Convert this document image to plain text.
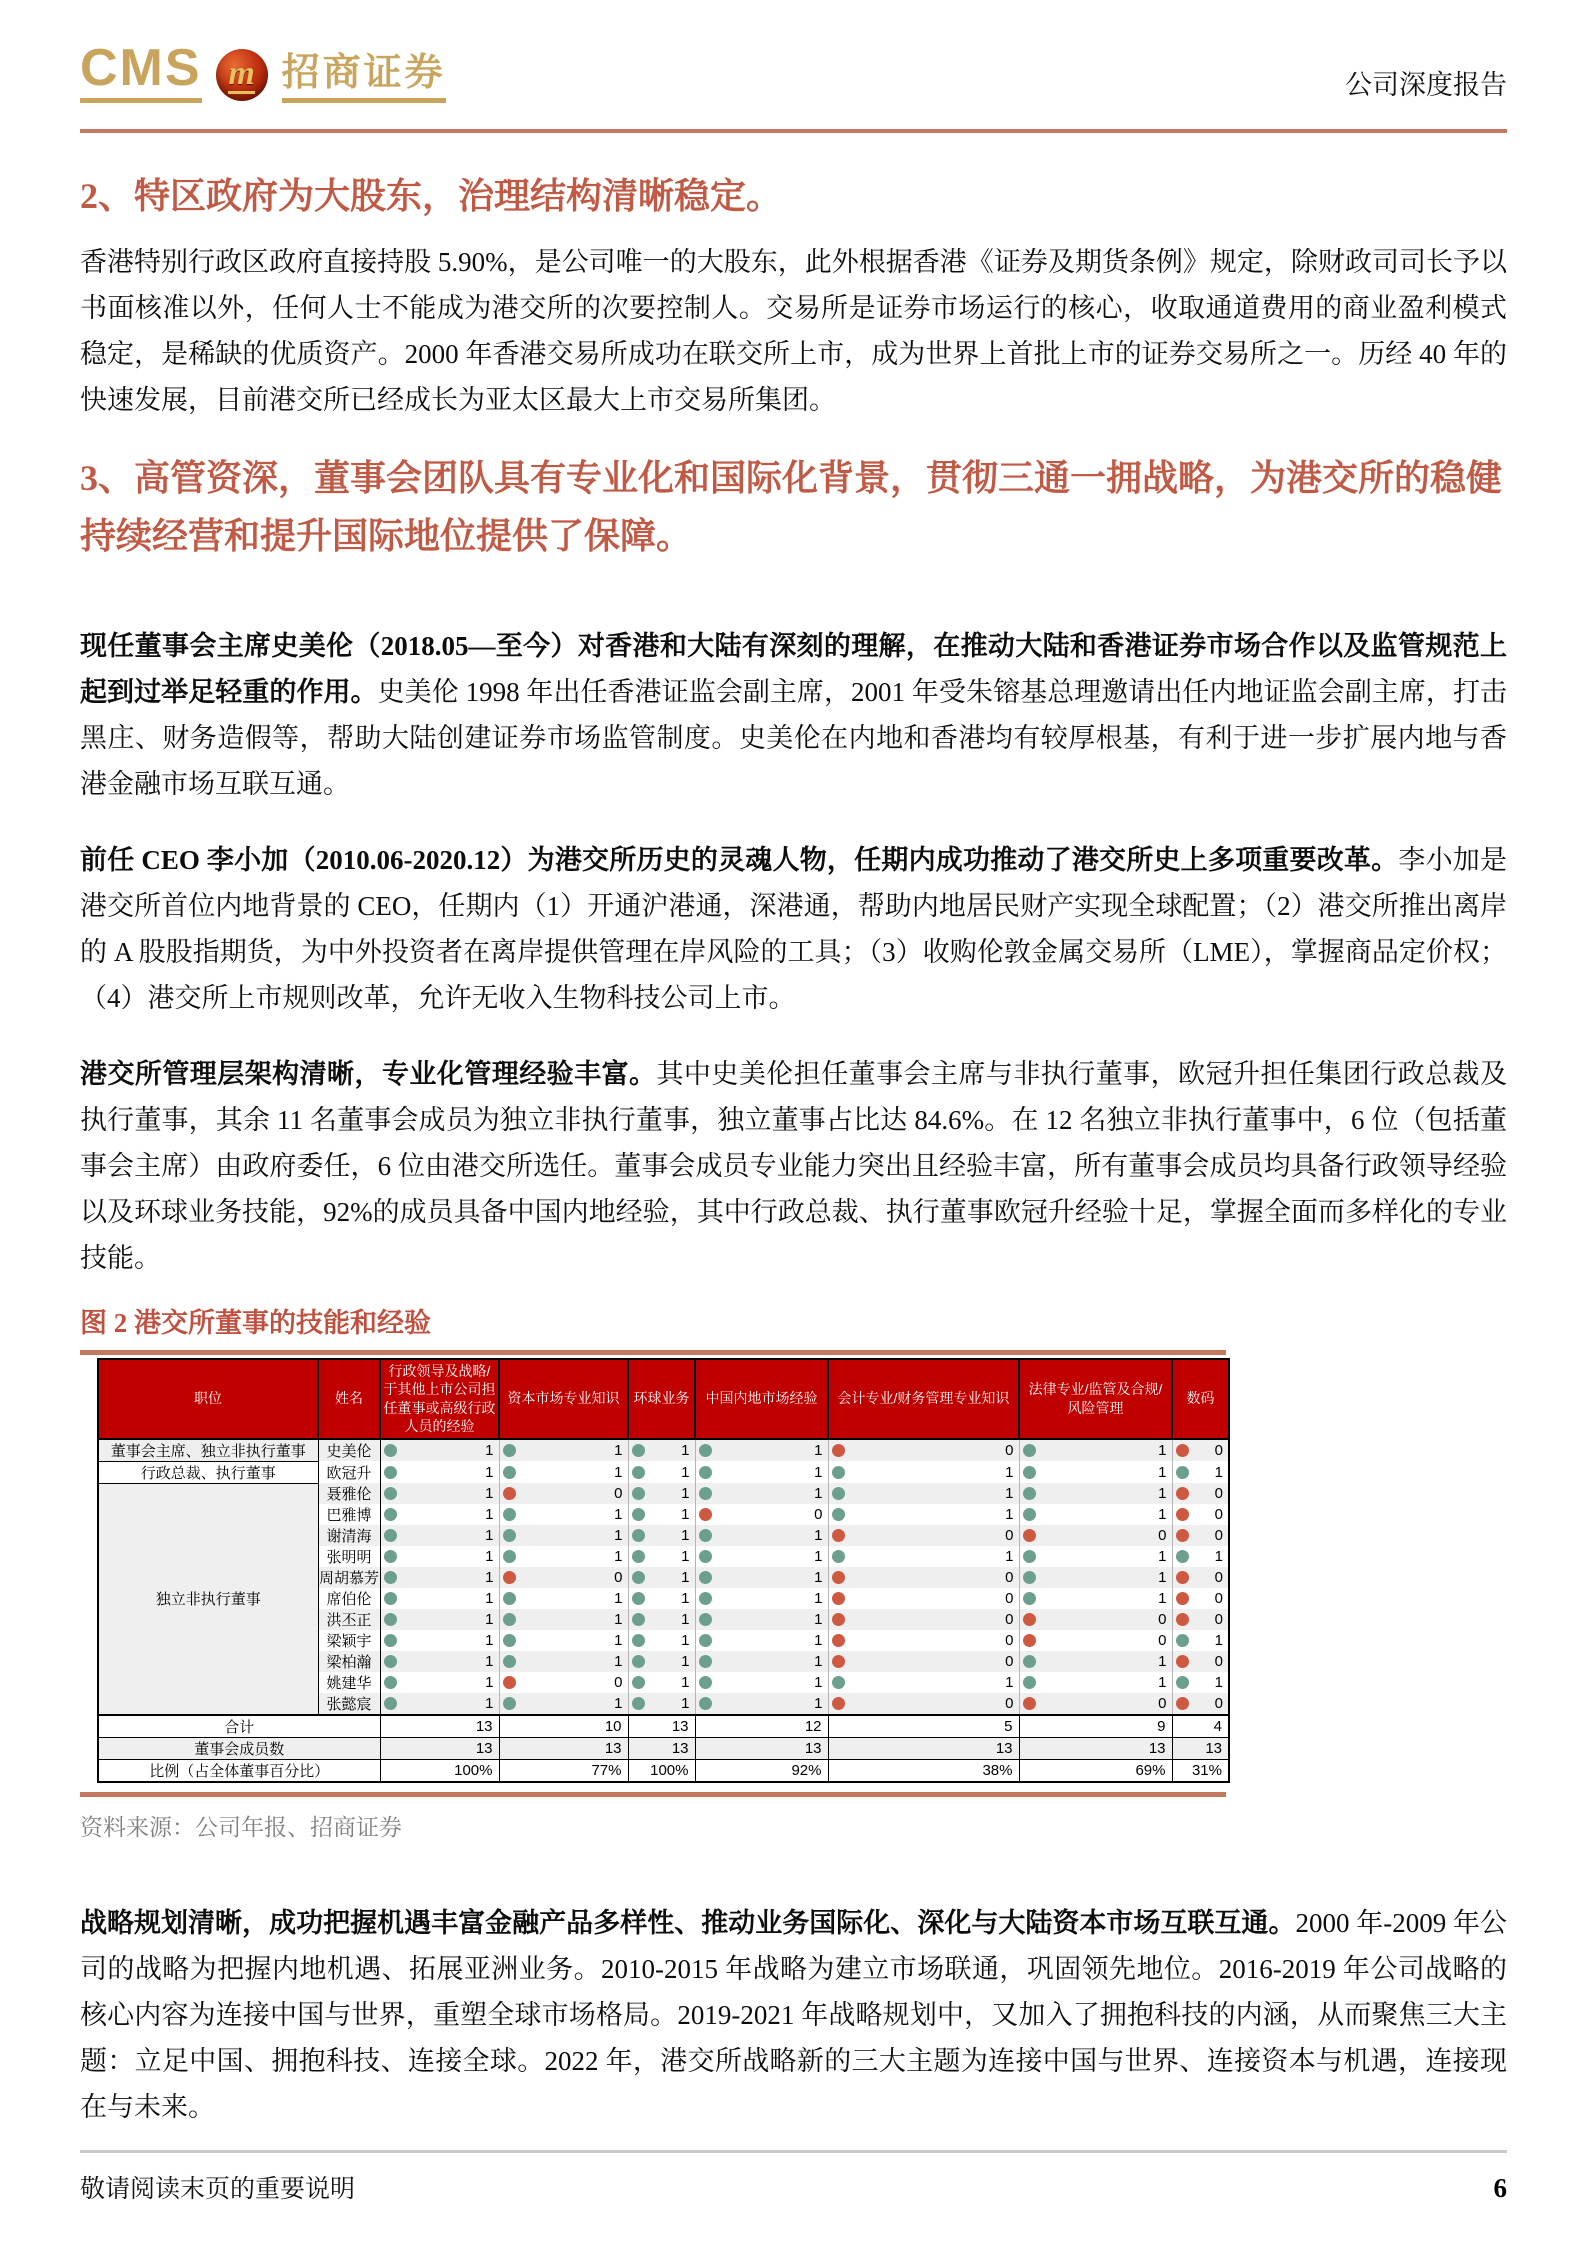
CMS m 招商证券	公司深度报告
2、特区政府为大股东，治理结构清晰稳定。

香港特别行政区政府直接持股 5.90%，是公司唯一的大股东，此外根据香港《证券及期货条例》规定，除财政司司长予以书面核准以外，任何人士不能成为港交所的次要控制人。交易所是证券市场运行的核心，收取通道费用的商业盈利模式稳定，是稀缺的优质资产。2000 年香港交易所成功在联交所上市，成为世界上首批上市的证券交易所之一。历经 40 年的快速发展，目前港交所已经成长为亚太区最大上市交易所集团。

3、高管资深，董事会团队具有专业化和国际化背景，贯彻三通一拥战略，为港交所的稳健持续经营和提升国际地位提供了保障。

现任董事会主席史美伦（2018.05—至今）对香港和大陆有深刻的理解，在推动大陆和香港证券市场合作以及监管规范上起到过举足轻重的作用。史美伦 1998 年出任香港证监会副主席，2001 年受朱镕基总理邀请出任内地证监会副主席，打击黑庄、财务造假等，帮助大陆创建证券市场监管制度。史美伦在内地和香港均有较厚根基，有利于进一步扩展内地与香港金融市场互联互通。

前任 CEO 李小加（2010.06-2020.12）为港交所历史的灵魂人物，任期内成功推动了港交所史上多项重要改革。李小加是港交所首位内地背景的 CEO，任期内（1）开通沪港通，深港通，帮助内地居民财产实现全球配置；（2）港交所推出离岸的 A 股股指期货，为中外投资者在离岸提供管理在岸风险的工具；（3）收购伦敦金属交易所（LME），掌握商品定价权；（4）港交所上市规则改革，允许无收入生物科技公司上市。

港交所管理层架构清晰，专业化管理经验丰富。其中史美伦担任董事会主席与非执行董事，欧冠升担任集团行政总裁及执行董事，其余 11 名董事会成员为独立非执行董事，独立董事占比达 84.6%。在 12 名独立非执行董事中，6 位（包括董事会主席）由政府委任，6 位由港交所选任。董事会成员专业能力突出且经验丰富，所有董事会成员均具备行政领导经验以及环球业务技能，92%的成员具备中国内地经验，其中行政总裁、执行董事欧冠升经验十足，掌握全面而多样化的专业技能。

图 2 港交所董事的技能和经验
职位	姓名	行政领导及战略/于其他上市公司担任董事或高级行政人员的经验	资本市场专业知识	环球业务	中国内地市场经验	会计专业/财务管理专业知识	法律专业/监管及合规/风险管理	数码
董事会主席、独立非执行董事	史美伦	1	1	1	1	0	1	0

行政总裁、执行董事	欧冠升	1	1	1	1	1	1	1

独立非执行董事	聂雅伦	1	0	1	1	1	1	0

	巴雅博	1	1	1	0	1	1	0

	谢清海	1	1	1	1	0	0	0

	张明明	1	1	1	1	1	1	1

	周胡慕芳	1	0	1	1	0	1	0

	席伯伦	1	1	1	1	0	1	0

	洪丕正	1	1	1	1	0	0	0

	梁颖宇	1	1	1	1	0	0	1

	梁柏瀚	1	1	1	1	0	1	0

	姚建华	1	0	1	1	1	1	1

	张懿宸	1	1	1	1	0	0	0

合计		13	10	13	12	5	9	4
董事会成员数		13	13	13	13	13	13	13
比例（占全体董事百分比）		100%	77%	100%	92%	38%	69%	31%
资料来源：公司年报、招商证券

战略规划清晰，成功把握机遇丰富金融产品多样性、推动业务国际化、深化与大陆资本市场互联互通。2000 年-2009 年公司的战略为把握内地机遇、拓展亚洲业务。2010-2015 年战略为建立市场联通，巩固领先地位。2016-2019 年公司战略的核心内容为连接中国与世界，重塑全球市场格局。2019-2021 年战略规划中，又加入了拥抱科技的内涵，从而聚焦三大主题：立足中国、拥抱科技、连接全球。2022 年，港交所战略新的三大主题为连接中国与世界、连接资本与机遇，连接现在与未来。

敬请阅读末页的重要说明	6
